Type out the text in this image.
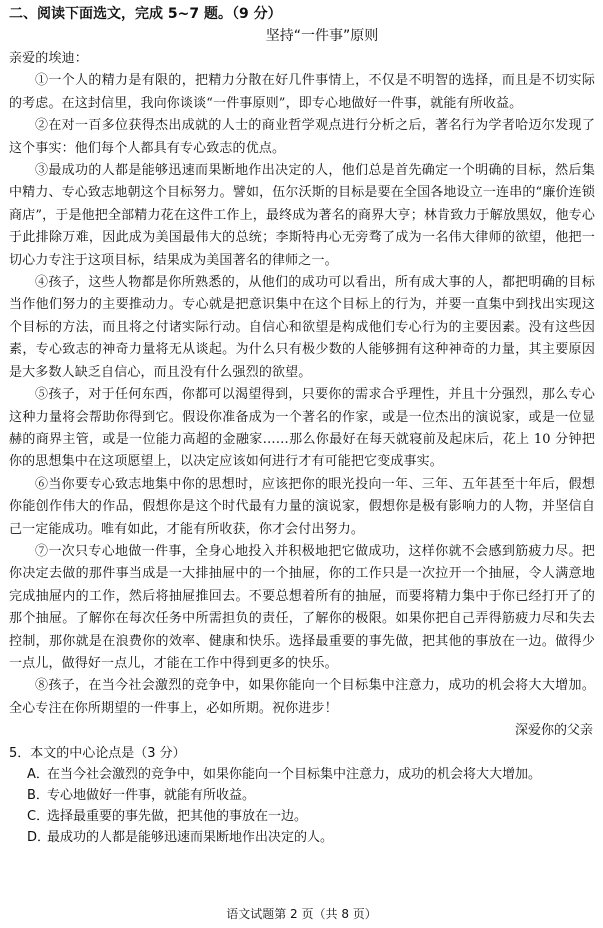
二、阅读下面选文，完成 5~7 题。（9 分）
坚持“一件事”原则

亲爱的埃迪：

①一个人的精力是有限的，把精力分散在好几件事情上，不仅是不明智的选择，而且是不切实际的考虑。在这封信里，我向你谈谈“一件事原则”，即专心地做好一件事，就能有所收益。

②在对一百多位获得杰出成就的人士的商业哲学观点进行分析之后，著名行为学者哈迈尔发现了这个事实：他们每个人都具有专心致志的优点。

③最成功的人都是能够迅速而果断地作出决定的人，他们总是首先确定一个明确的目标，然后集中精力、专心致志地朝这个目标努力。譬如，伍尔沃斯的目标是要在全国各地设立一连串的“廉价连锁商店”，于是他把全部精力花在这件工作上，最终成为著名的商界大亨；林肯致力于解放黑奴，他专心于此排除万难，因此成为美国最伟大的总统；李斯特冉心无旁骛了成为一名伟大律师的欲望，他把一切心力专注于这项目标，结果成为美国著名的律师之一。

④孩子，这些人物都是你所熟悉的，从他们的成功可以看出，所有成大事的人，都把明确的目标当作他们努力的主要推动力。专心就是把意识集中在这个目标上的行为，并要一直集中到找出实现这个目标的方法，而且将之付诸实际行动。自信心和欲望是构成他们专心行为的主要因素。没有这些因素，专心致志的神奇力量将无从谈起。为什么只有极少数的人能够拥有这种神奇的力量，其主要原因是大多数人缺乏自信心，而且没有什么强烈的欲望。

⑤孩子，对于任何东西，你都可以渴望得到，只要你的需求合乎理性，并且十分强烈，那么专心这种力量将会帮助你得到它。假设你准备成为一个著名的作家，或是一位杰出的演说家，或是一位显赫的商界主管，或是一位能力高超的金融家……那么你最好在每天就寝前及起床后，花上 10 分钟把你的思想集中在这项愿望上，以决定应该如何进行才有可能把它变成事实。

⑥当你要专心致志地集中你的思想时，应该把你的眼光投向一年、三年、五年甚至十年后，假想你能创作伟大的作品，假想你是这个时代最有力量的演说家，假想你是极有影响力的人物，并坚信自己一定能成功。唯有如此，才能有所收获，你才会付出努力。

⑦一次只专心地做一件事，全身心地投入并积极地把它做成功，这样你就不会感到筋疲力尽。把你决定去做的那件事当成是一大排抽屉中的一个抽屉，你的工作只是一次拉开一个抽屉，令人满意地完成抽屉内的工作，然后将抽屉推回去。不要总想着所有的抽屉，而要将精力集中于你已经打开了的那个抽屉。了解你在每次任务中所需担负的责任，了解你的极限。如果你把自己弄得筋疲力尽和失去控制，那你就是在浪费你的效率、健康和快乐。选择最重要的事先做，把其他的事放在一边。做得少一点儿，做得好一点儿，才能在工作中得到更多的快乐。

⑧孩子，在当今社会激烈的竞争中，如果你能向一个目标集中注意力，成功的机会将大大增加。全心专注在你所期望的一件事上，必如所期。祝你进步！

深爱你的父亲

5．本文的中心论点是（3 分）

A．
在当今社会激烈的竞争中，如果你能向一个目标集中注意力，成功的机会将大大增加。
B．
专心地做好一件事，就能有所收益。
C．
选择最重要的事先做，把其他的事放在一边。
D．
最成功的人都是能够迅速而果断地作出决定的人。
语文试题第 2 页（共 8 页）
